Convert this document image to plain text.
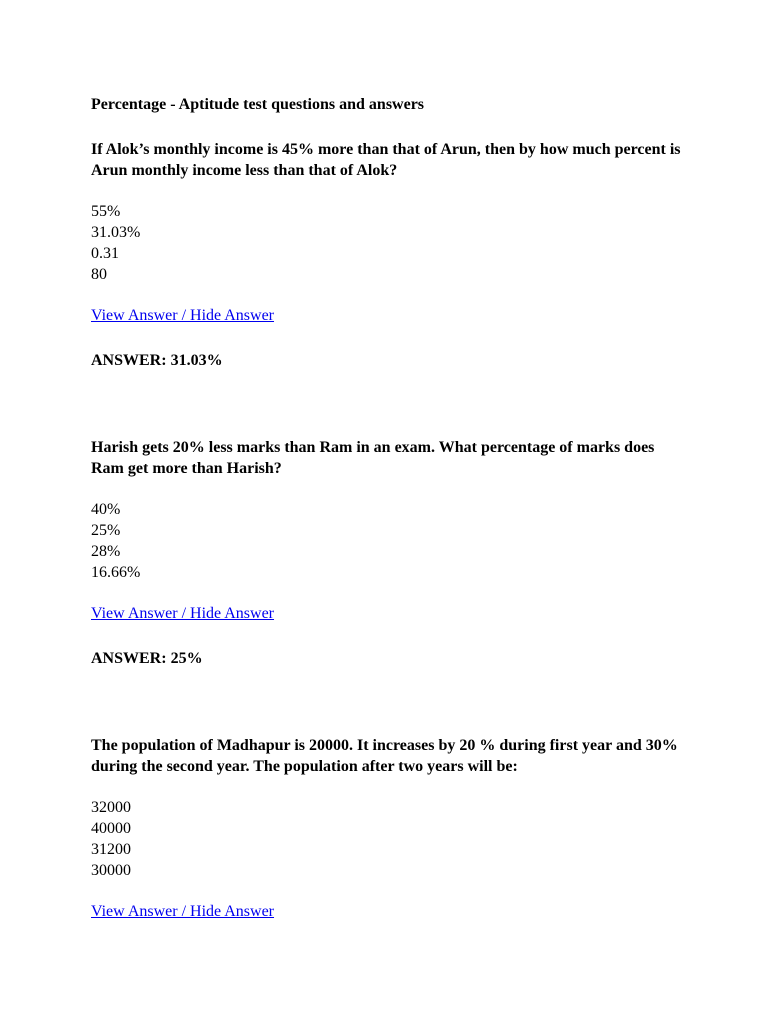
Percentage - Aptitude test questions and answers

If Alok’s monthly income is 45% more than that of Arun, then by how much percent is Arun monthly income less than that of Alok?

55%
31.03%
0.31
80
View Answer / Hide Answer
ANSWER: 31.03%

Harish gets 20% less marks than Ram in an exam. What percentage of marks does Ram get more than Harish?

40%
25%
28%
16.66%
View Answer / Hide Answer
ANSWER: 25%

The population of Madhapur is 20000. It increases by 20 % during first year and 30% during the second year. The population after two years will be:

32000
40000
31200
30000
View Answer / Hide Answer
